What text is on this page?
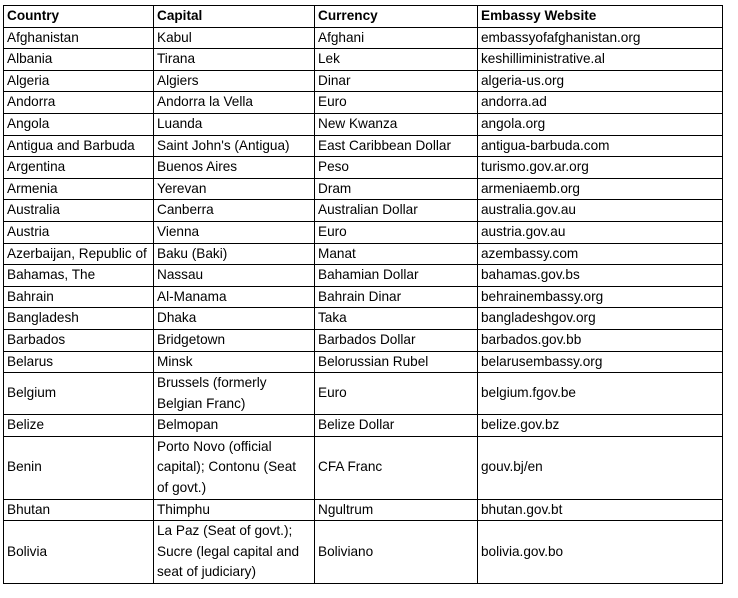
Country	Capital	Currency	Embassy Website
Afghanistan	Kabul	Afghani	embassyofafghanistan.org
Albania	Tirana	Lek	keshilliministrative.al
Algeria	Algiers	Dinar	algeria-us.org
Andorra	Andorra la Vella	Euro	andorra.ad
Angola	Luanda	New Kwanza	angola.org
Antigua and Barbuda	Saint John's (Antigua)	East Caribbean Dollar	antigua-barbuda.com
Argentina	Buenos Aires	Peso	turismo.gov.ar.org
Armenia	Yerevan	Dram	armeniaemb.org
Australia	Canberra	Australian Dollar	australia.gov.au
Austria	Vienna	Euro	austria.gov.au
Azerbaijan, Republic of	Baku (Baki)	Manat	azembassy.com
Bahamas, The	Nassau	Bahamian Dollar	bahamas.gov.bs
Bahrain	Al-Manama	Bahrain Dinar	behrainembassy.org
Bangladesh	Dhaka	Taka	bangladeshgov.org
Barbados	Bridgetown	Barbados Dollar	barbados.gov.bb
Belarus	Minsk	Belorussian Rubel	belarusembassy.org
Belgium	Brussels (formerly Belgian Franc)	Euro	belgium.fgov.be
Belize	Belmopan	Belize Dollar	belize.gov.bz
Benin	Porto Novo (official capital); Contonu (Seat of govt.)	CFA Franc	gouv.bj/en
Bhutan	Thimphu	Ngultrum	bhutan.gov.bt
Bolivia	La Paz (Seat of govt.); Sucre (legal capital and seat of judiciary)	Boliviano	bolivia.gov.bo
